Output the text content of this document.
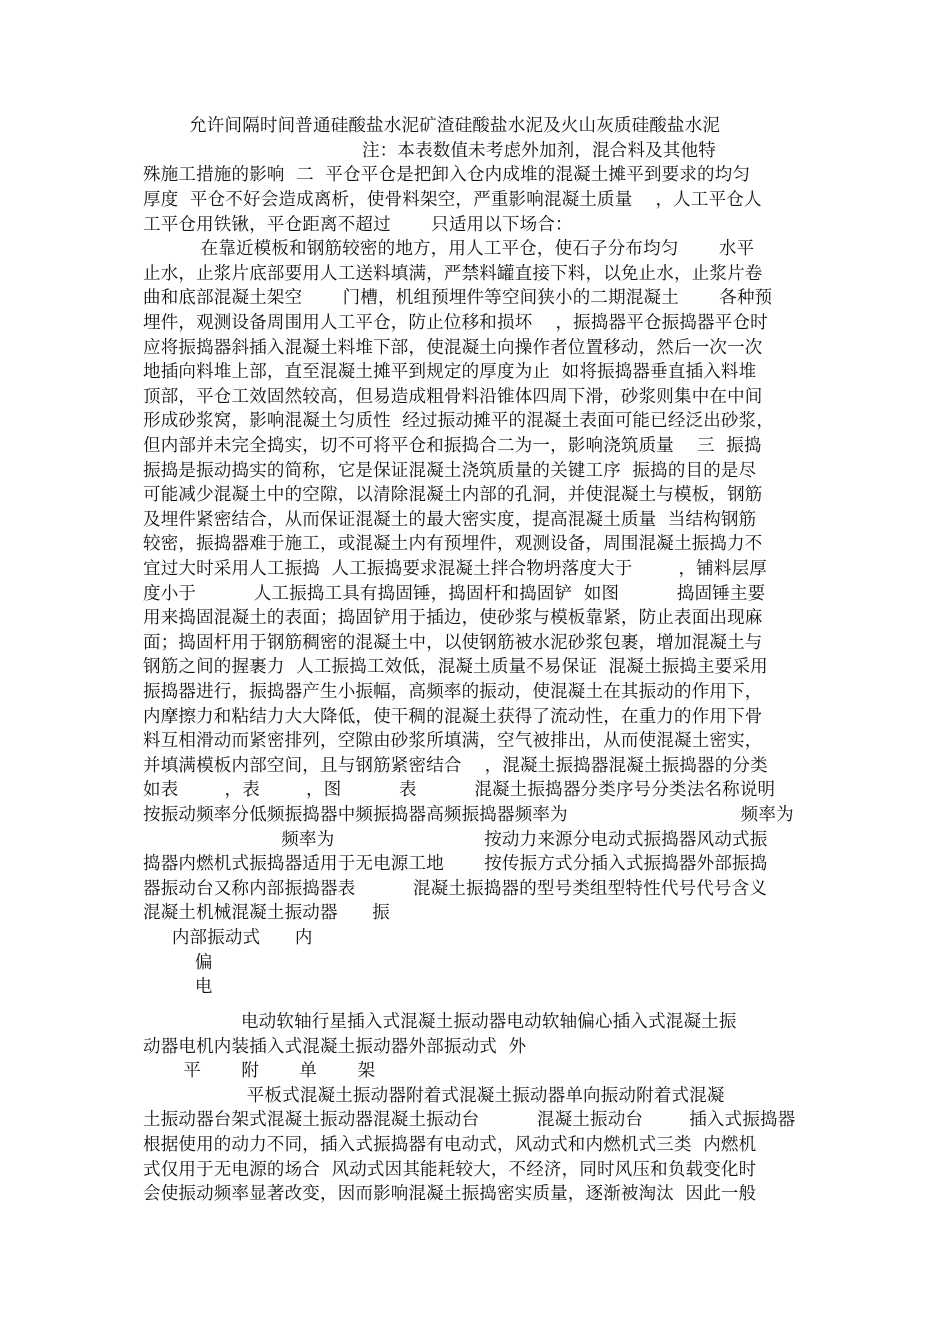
允许间隔时间普通硅酸盐水泥矿渣硅酸盐水泥及火山灰质硅酸盐水泥
注：本表数值未考虑外加剂，混合料及其他特
殊施工措施的影响  二  平仓平仓是把卸入仓内成堆的混凝土摊平到要求的均匀
厚度  平仓不好会造成离析，使骨料架空，严重影响混凝土质量    ，人工平仓人
工平仓用铁锹，平仓距离不超过       只适用以下场合：
在靠近模板和钢筋较密的地方，用人工平仓，使石子分布均匀       水平
止水，止浆片底部要用人工送料填满，严禁料罐直接下料，以免止水，止浆片卷
曲和底部混凝土架空       门槽，机组预埋件等空间狭小的二期混凝土       各种预
埋件，观测设备周围用人工平仓，防止位移和损坏    ，振捣器平仓振捣器平仓时
应将振捣器斜插入混凝土料堆下部，使混凝土向操作者位置移动，然后一次一次
地插向料堆上部，直至混凝土摊平到规定的厚度为止  如将振捣器垂直插入料堆
顶部，平仓工效固然较高，但易造成粗骨料沿锥体四周下滑，砂浆则集中在中间
形成砂浆窝，影响混凝土匀质性  经过振动摊平的混凝土表面可能已经泛出砂浆，
但内部并未完全捣实，切不可将平仓和振捣合二为一，影响浇筑质量    三  振捣
振捣是振动捣实的简称，它是保证混凝土浇筑质量的关键工序  振捣的目的是尽
可能减少混凝土中的空隙，以清除混凝土内部的孔洞，并使混凝土与模板，钢筋
及埋件紧密结合，从而保证混凝土的最大密实度，提高混凝土质量  当结构钢筋
较密，振捣器难于施工，或混凝土内有预埋件，观测设备，周围混凝土振捣力不
宜过大时采用人工振捣  人工振捣要求混凝土拌合物坍落度大于        ，铺料层厚
度小于          人工振捣工具有捣固锤，捣固杆和捣固铲  如图          捣固锤主要
用来捣固混凝土的表面；捣固铲用于插边，使砂浆与模板靠紧，防止表面出现麻
面；捣固杆用于钢筋稠密的混凝土中，以使钢筋被水泥砂浆包裹，增加混凝土与
钢筋之间的握裹力  人工振捣工效低，混凝土质量不易保证  混凝土振捣主要采用
振捣器进行，振捣器产生小振幅，高频率的振动，使混凝土在其振动的作用下，
内摩擦力和粘结力大大降低，使干稠的混凝土获得了流动性，在重力的作用下骨
料互相滑动而紧密排列，空隙由砂浆所填满，空气被排出，从而使混凝土密实，
并填满模板内部空间，且与钢筋紧密结合    ，混凝土振捣器混凝土振捣器的分类
如表        ，表        ，图          表          混凝土振捣器分类序号分类法名称说明
按振动频率分低频振捣器中频振捣器高频振捣器频率为                              频率为
频率为                          按动力来源分电动式振捣器风动式振
捣器内燃机式振捣器适用于无电源工地       按传振方式分插入式振捣器外部振捣
器振动台又称内部振捣器表          混凝土振捣器的型号类组型特性代号代号含义
混凝土机械混凝土振动器      振
内部振动式      内
偏
电
电动软轴行星插入式混凝土振动器电动软轴偏心插入式混凝土振
动器电机内装插入式混凝土振动器外部振动式  外
平       附       单       架
平板式混凝土振动器附着式混凝土振动器单向振动附着式混凝
土振动器台架式混凝土振动器混凝土振动台          混凝土振动台        插入式振捣器
根据使用的动力不同，插入式振捣器有电动式，风动式和内燃机式三类  内燃机
式仅用于无电源的场合  风动式因其能耗较大，不经济，同时风压和负载变化时
会使振动频率显著改变，因而影响混凝土振捣密实质量，逐渐被淘汰  因此一般
